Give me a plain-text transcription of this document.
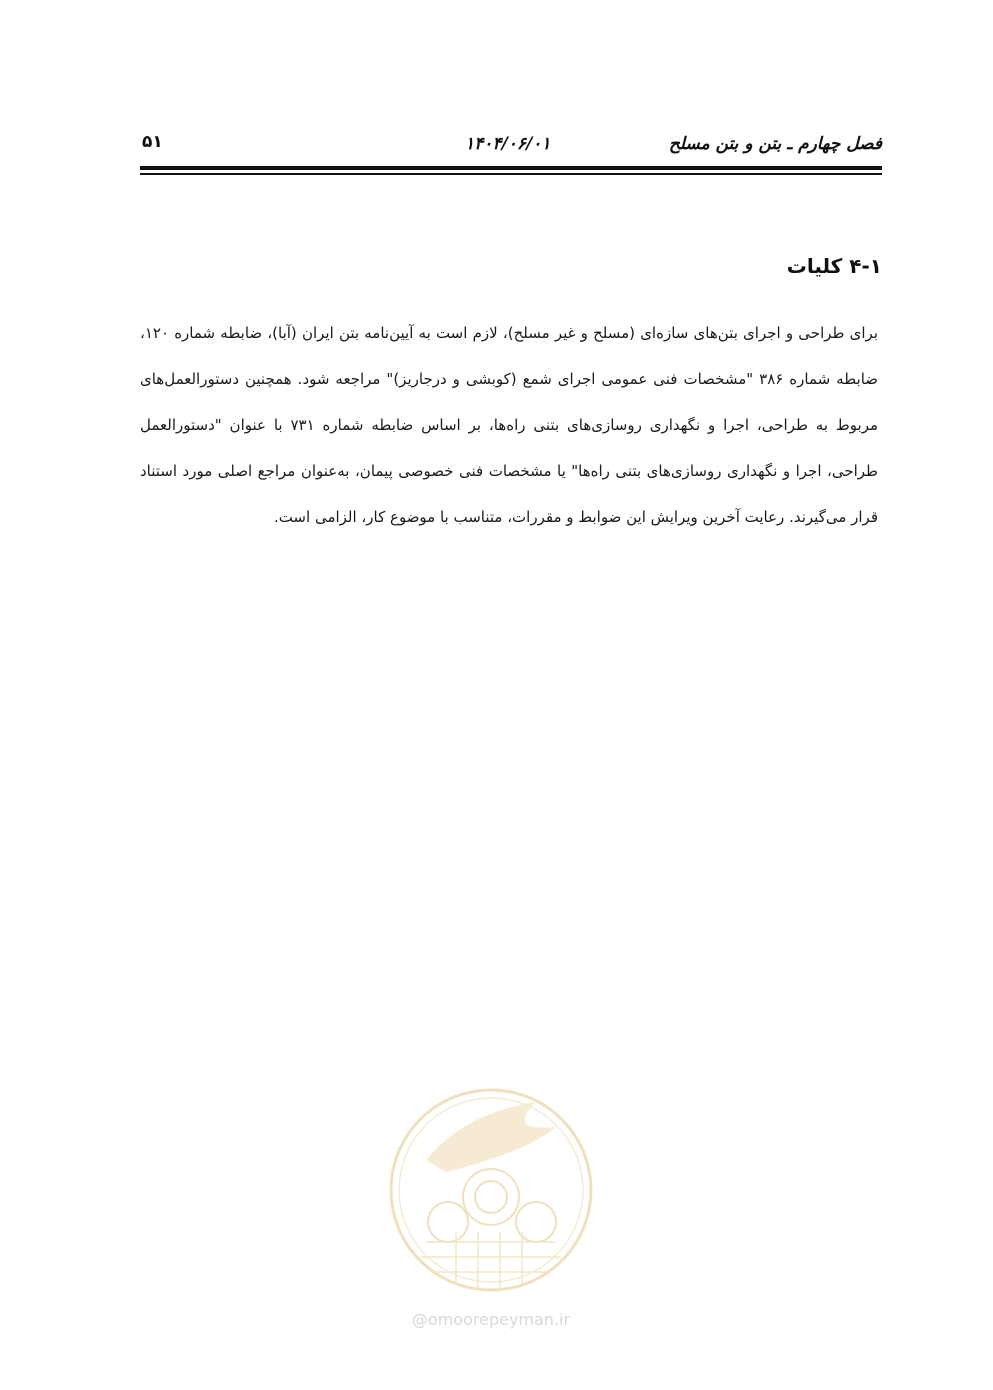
فصل چهارم ـ بتن و بتن مسلح
۱۴۰۴/۰۶/۰۱
۵۱
۴-۱ کلیات
برای طراحی و اجرای بتن‌های سازه‌ای (مسلح و غیر مسلح)، لازم است به آیین‌نامه بتن ایران (آبا)، ضابطه شماره ۱۲۰، ضابطه شماره ۳۸۶ "مشخصات فنی عمومی اجرای شمع (کوبشی و درجاریز)" مراجعه شود. همچنین دستورالعمل‌های مربوط به طراحی، اجرا و نگهداری روسازی‌های بتنی راه‌ها، بر اساس ضابطه شماره ۷۳۱ با عنوان "دستورالعمل طراحی، اجرا و نگهداری روسازی‌های بتنی راه‌ها" یا مشخصات فنی خصوصی پیمان، به‌عنوان مراجع اصلی مورد استناد قرار می‌گیرند. رعایت آخرین ویرایش این ضوابط و مقررات، متناسب با موضوع کار، الزامی است.
@omoorepeyman.ir
